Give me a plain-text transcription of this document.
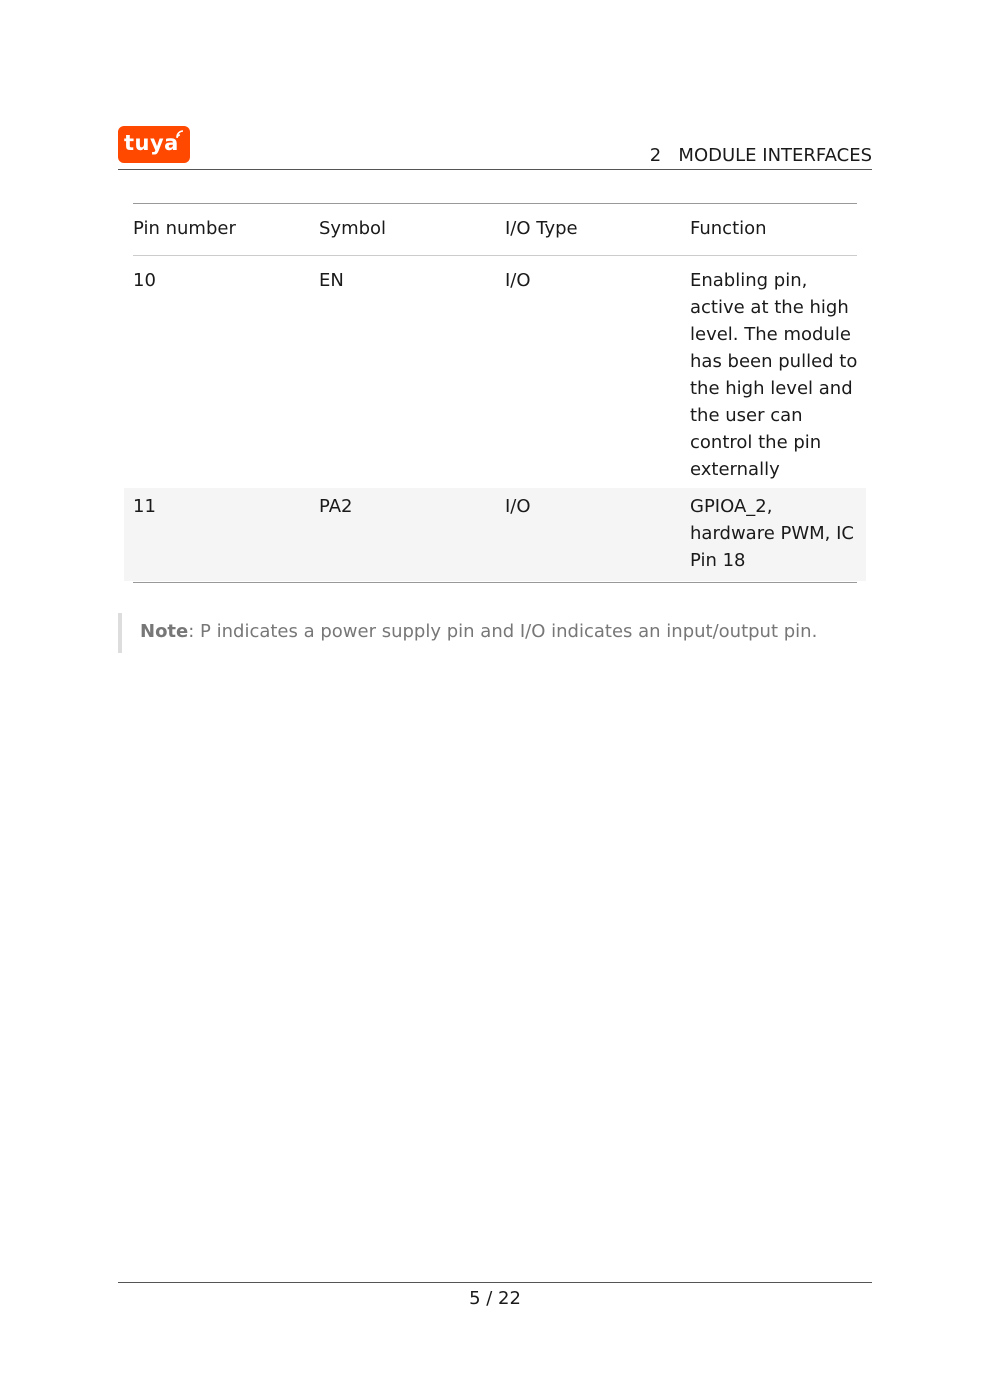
tuya
2 MODULE INTERFACES
Pin number	Symbol	I/O Type	Function
10	EN	I/O	Enabling pin, active at the high level. The module has been pulled to the high level and the user can control the pin externally
11	PA2	I/O	GPIOA_2, hardware PWM, IC Pin 18
Note: P indicates a power supply pin and I/O indicates an input/output pin.
5 / 22
